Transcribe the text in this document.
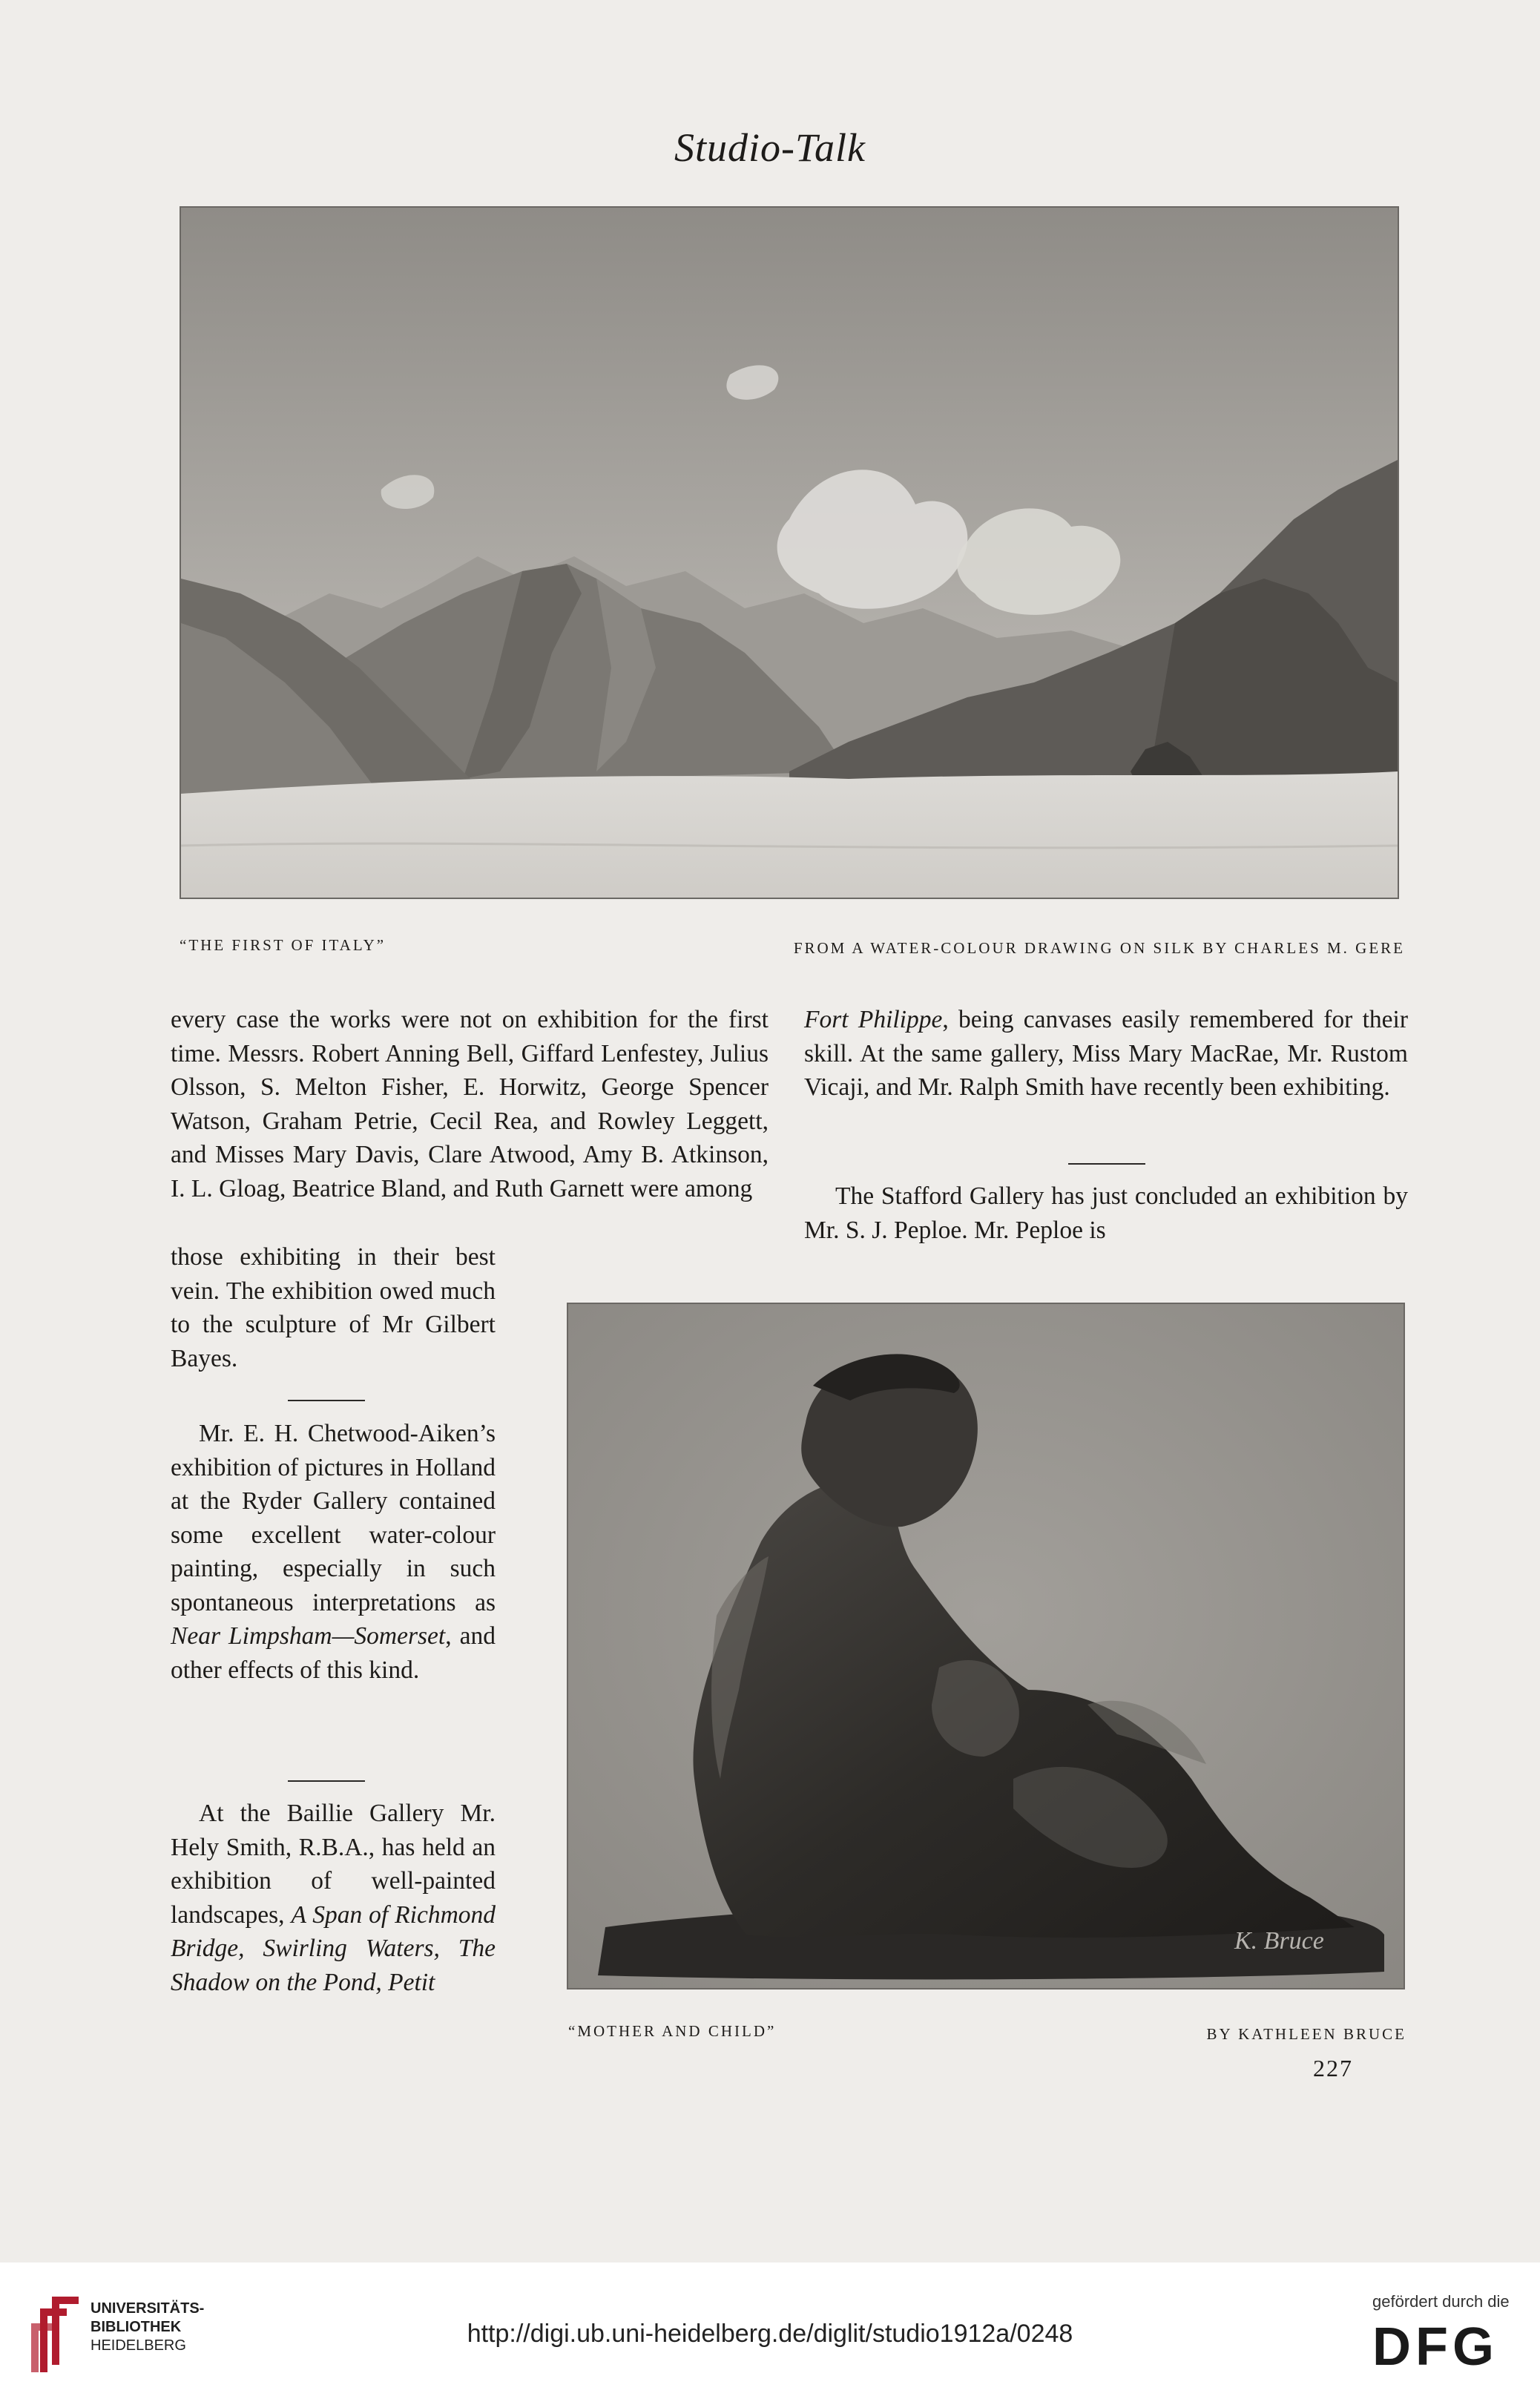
Studio-Talk
“THE FIRST OF ITALY”	FROM A WATER-COLOUR DRAWING ON SILK BY CHARLES M. GERE

every case the works were not on exhibition for the first time. Messrs. Robert Anning Bell, Giffard Lenfestey, Julius Olsson, S. Melton Fisher, E. Horwitz, George Spencer Watson, Graham Petrie, Cecil Rea, and Rowley Leggett, and Misses Mary Davis, Clare Atwood, Amy B. Atkinson, I. L. Gloag, Beatrice Bland, and Ruth Garnett were among

those exhibiting in their best vein. The exhibition owed much to the sculpture of Mr Gilbert Bayes.

Mr. E. H. Chetwood-Aiken’s exhibition of pictures in Holland at the Ryder Gallery contained some excellent water-colour painting, especially in such spontaneous interpretations as Near Limpsham—Somerset, and other effects of this kind.

At the Baillie Gallery Mr. Hely Smith, R.B.A., has held an exhibition of well-painted landscapes, A Span of Richmond Bridge, Swirling Waters, The Shadow on the Pond, Petit

Fort Philippe, being canvases easily remembered for their skill. At the same gallery, Miss Mary MacRae, Mr. Rustom Vicaji, and Mr. Ralph Smith have recently been exhibiting.

The Stafford Gallery has just concluded an exhibition by Mr. S. J. Peploe. Mr. Peploe is

K. Bruce
“MOTHER AND CHILD”	BY KATHLEEN BRUCE
227
UNIVERSITÄTS-
BIBLIOTHEK
HEIDELBERG	http://digi.ub.uni-heidelberg.de/diglit/studio1912a/0248
gefördert durch die
DFG
